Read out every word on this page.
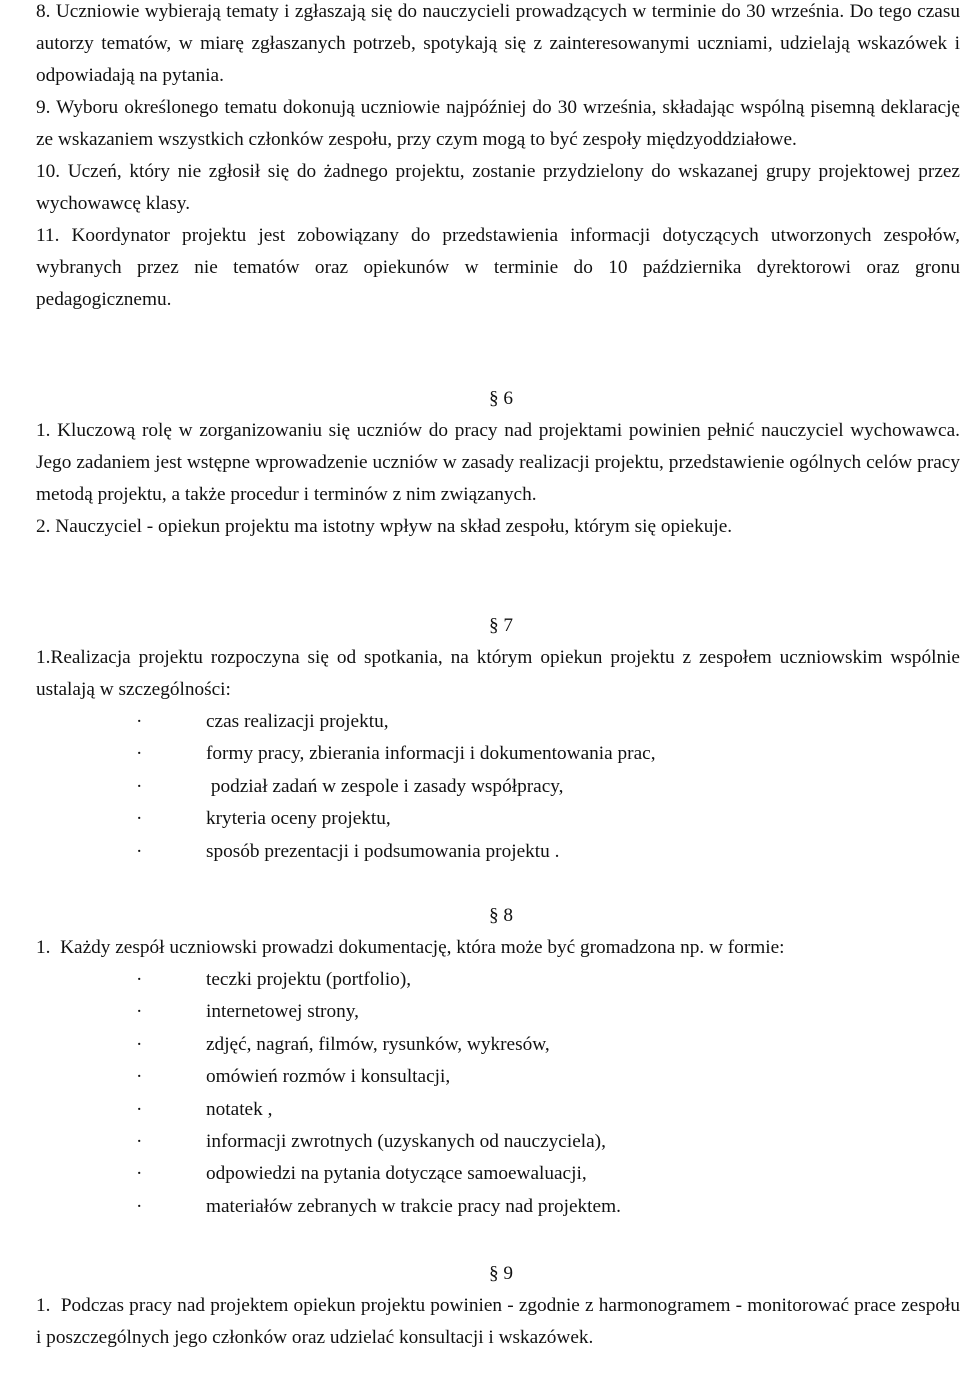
8. Uczniowie wybierają tematy i zgłaszają się do nauczycieli prowadzących w terminie do 30 września. Do tego czasu autorzy tematów, w miarę zgłaszanych potrzeb, spotykają się z zainteresowanymi uczniami, udzielają wskazówek i odpowiadają na pytania.

9. Wyboru określonego tematu dokonują uczniowie najpóźniej do 30 września, składając wspólną pisemną deklarację ze wskazaniem wszystkich członków zespołu, przy czym mogą to być zespoły międzyoddziałowe.

10. Uczeń, który nie zgłosił się do żadnego projektu, zostanie przydzielony do wskazanej grupy projektowej przez wychowawcę klasy.

11. Koordynator projektu jest zobowiązany do przedstawienia informacji dotyczących utworzonych zespołów, wybranych przez nie tematów oraz opiekunów w terminie do 10 października dyrektorowi oraz gronu pedagogicznemu.

§ 6

1. Kluczową rolę w zorganizowaniu się uczniów do pracy nad projektami powinien pełnić nauczyciel wychowawca. Jego zadaniem jest wstępne wprowadzenie uczniów w zasady realizacji projektu, przedstawienie ogólnych celów pracy metodą projektu, a także procedur i terminów z nim związanych.

2. Nauczyciel - opiekun projektu ma istotny wpływ na skład zespołu, którym się opiekuje.

§ 7

1.Realizacja projektu rozpoczyna się od spotkania, na którym opiekun projektu z zespołem uczniowskim wspólnie ustalają w szczególności:

·	czas realizacji projektu,
·	formy pracy, zbierania informacji i dokumentowania prac,
·	podział zadań w zespole i zasady współpracy,
·	kryteria oceny projektu,
·	sposób prezentacji i podsumowania projektu .
§ 8

1.  Każdy zespół uczniowski prowadzi dokumentację, która może być gromadzona np. w formie:

·	teczki projektu (portfolio),
·	internetowej strony,
·	zdjęć, nagrań, filmów, rysunków, wykresów,
·	omówień rozmów i konsultacji,
·	notatek ,
·	informacji zwrotnych (uzyskanych od nauczyciela),
·	odpowiedzi na pytania dotyczące samoewaluacji,
·	materiałów zebranych w trakcie pracy nad projektem.
§ 9

1.  Podczas pracy nad projektem opiekun projektu powinien - zgodnie z harmonogramem - monitorować prace zespołu i poszczególnych jego członków oraz udzielać konsultacji i wskazówek.
